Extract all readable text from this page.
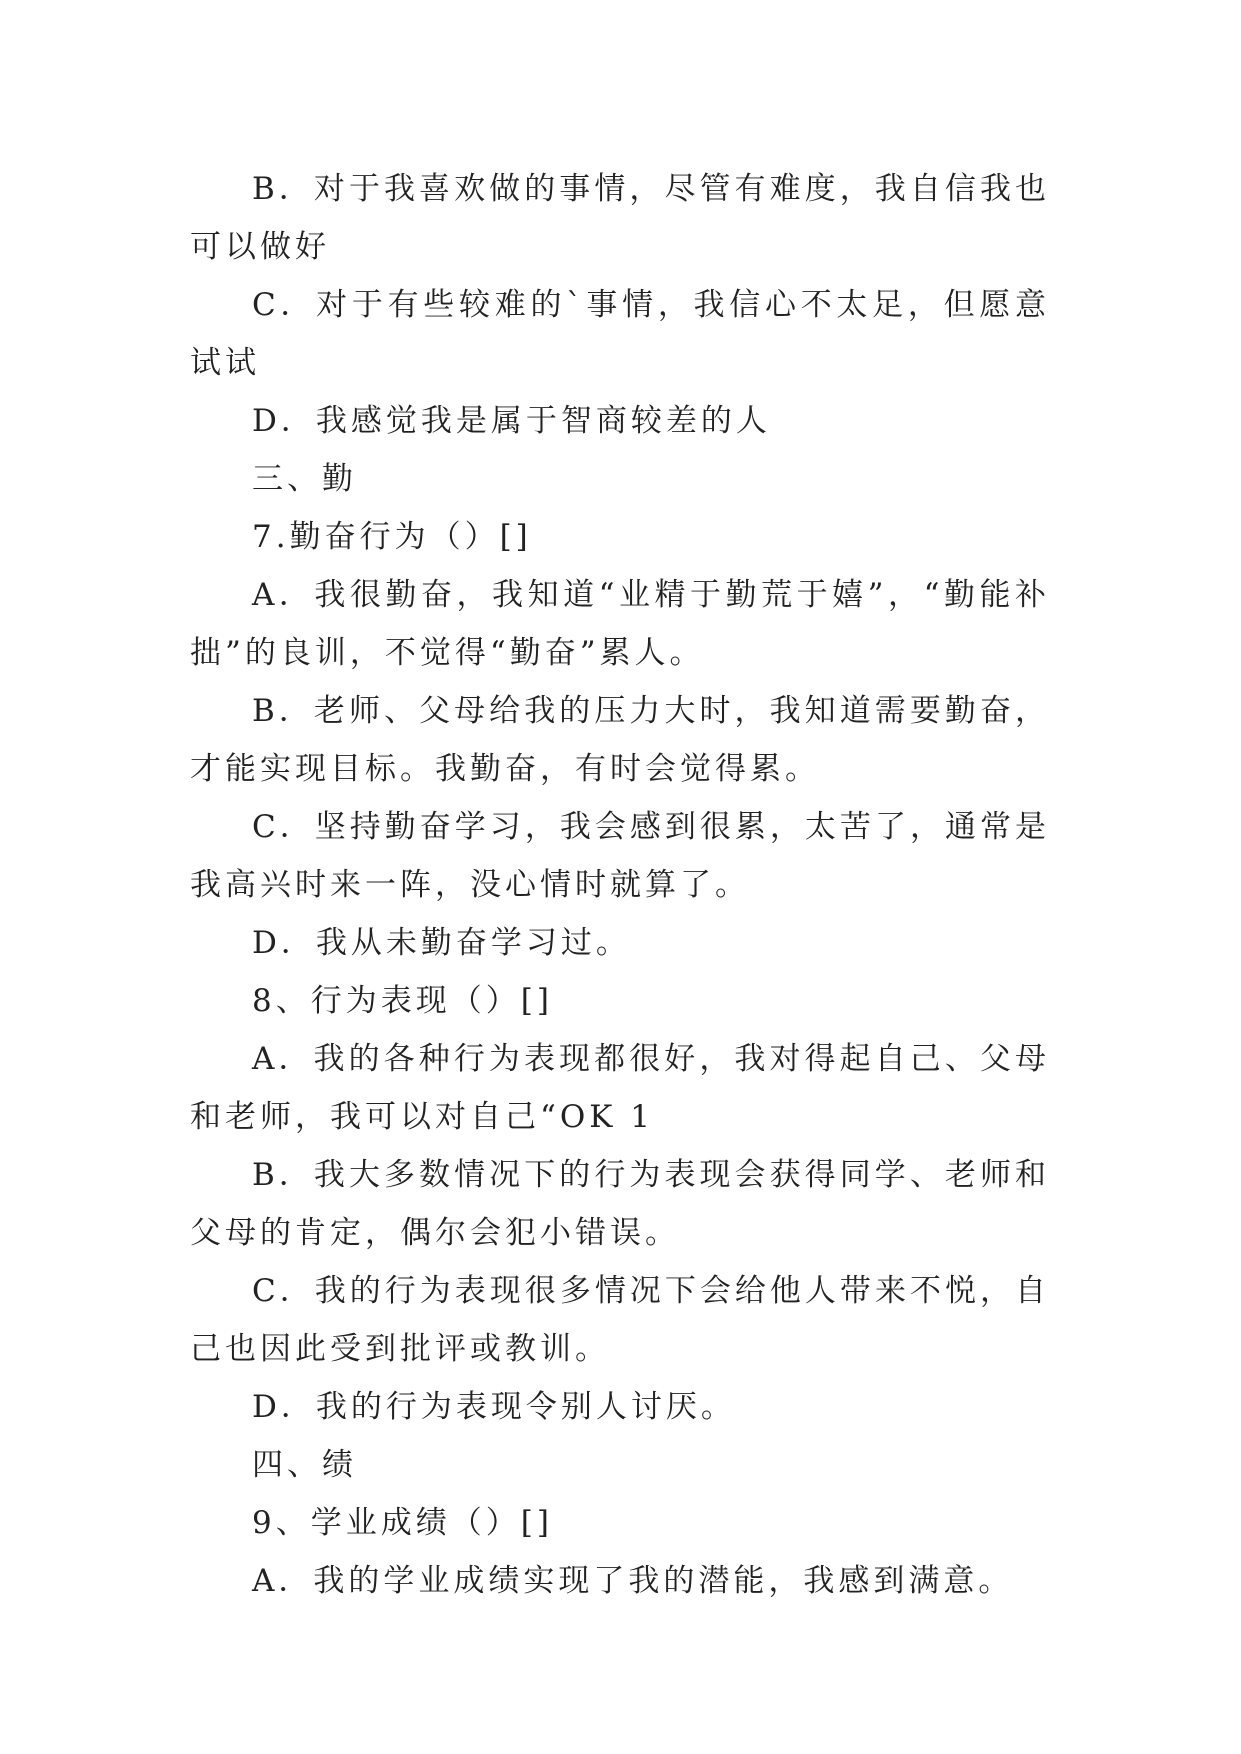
B．对于我喜欢做的事情，尽管有难度，我自信我也可以做好

C．对于有些较难的`事情，我信心不太足，但愿意试试

D．我感觉我是属于智商较差的人

三、勤

7.勤奋行为（）[]

A．我很勤奋，我知道“业精于勤荒于嬉”，“勤能补拙”的良训，不觉得“勤奋”累人。

B．老师、父母给我的压力大时，我知道需要勤奋，才能实现目标。我勤奋，有时会觉得累。

C．坚持勤奋学习，我会感到很累，太苦了，通常是我高兴时来一阵，没心情时就算了。

D．我从未勤奋学习过。

8、行为表现（）[]

A．我的各种行为表现都很好，我对得起自己、父母和老师，我可以对自己“OK 1

B．我大多数情况下的行为表现会获得同学、老师和父母的肯定，偶尔会犯小错误。

C．我的行为表现很多情况下会给他人带来不悦，自己也因此受到批评或教训。

D．我的行为表现令别人讨厌。

四、绩

9、学业成绩（）[]

A．我的学业成绩实现了我的潜能，我感到满意。
